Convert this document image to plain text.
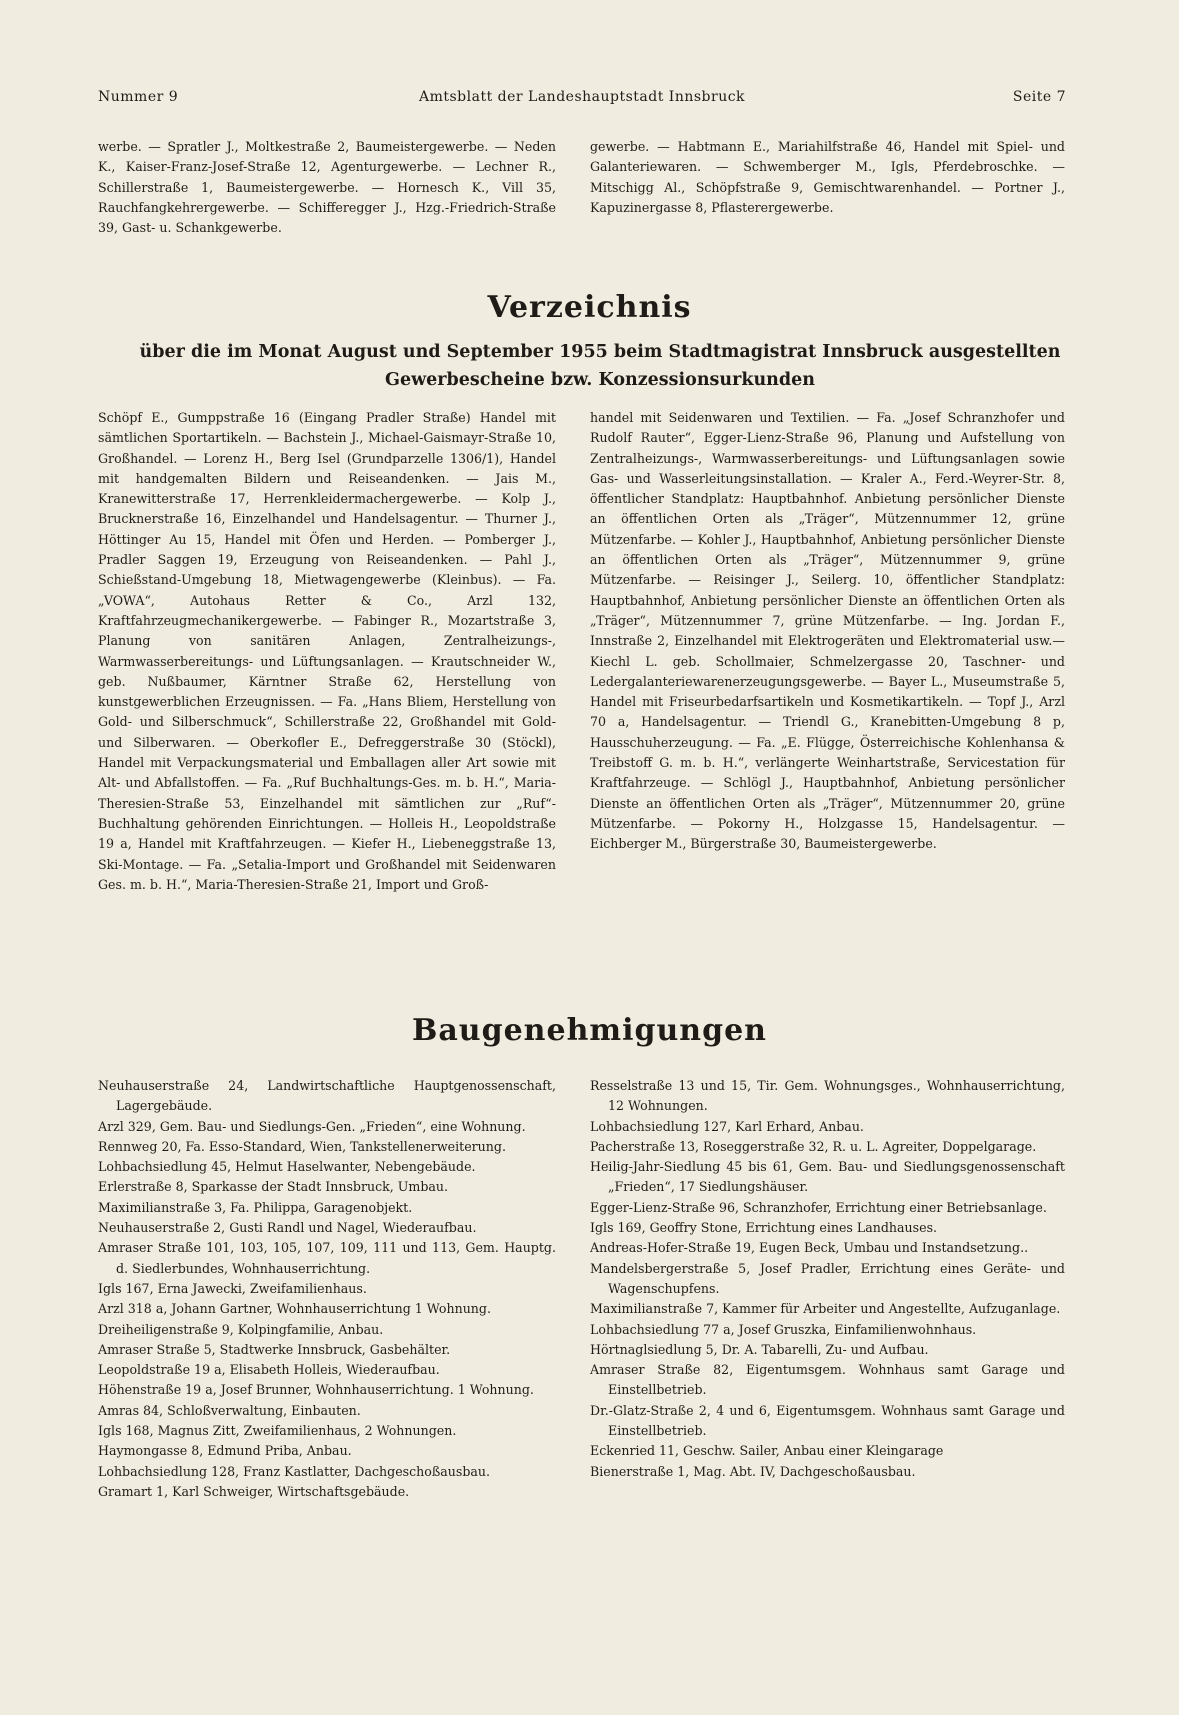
Nummer 9	Amtsblatt der Landeshauptstadt Innsbruck	Seite 7

werbe. — Spratler J., Moltkestraße 2, Baumeistergewerbe. — Neden K., Kaiser-Franz-Josef-Straße 12, Agenturgewerbe. — Lechner R., Schillerstraße 1, Baumeistergewerbe. — Hornesch K., Vill 35, Rauchfangkehrergewerbe. — Schifferegger J., Hzg.-Friedrich-Straße 39, Gast- u. Schankgewerbe.

gewerbe. — Habtmann E., Mariahilfstraße 46, Handel mit Spiel- und Galanteriewaren. — Schwemberger M., Igls, Pferdebroschke. — Mitschigg Al., Schöpfstraße 9, Gemischtwarenhandel. — Portner J., Kapuzinergasse 8, Pflasterergewerbe.

Verzeichnis
über die im Monat August und September 1955 beim Stadtmagistrat Innsbruck ausgestellten Gewerbescheine bzw. Konzessionsurkunden

Schöpf E., Gumppstraße 16 (Eingang Pradler Straße) Handel mit sämtlichen Sportartikeln. — Bachstein J., Michael-Gaismayr-Straße 10, Großhandel. — Lorenz H., Berg Isel (Grundparzelle 1306/1), Handel mit handgemalten Bildern und Reiseandenken. — Jais M., Kranewitterstraße 17, Herrenkleidermachergewerbe. — Kolp J., Brucknerstraße 16, Einzelhandel und Handelsagentur. — Thurner J., Höttinger Au 15, Handel mit Öfen und Herden. — Pomberger J., Pradler Saggen 19, Erzeugung von Reiseandenken. — Pahl J., Schießstand-Umgebung 18, Mietwagengewerbe (Kleinbus). — Fa. „VOWA“, Autohaus Retter & Co., Arzl 132, Kraftfahrzeugmechanikergewerbe. — Fabinger R., Mozartstraße 3, Planung von sanitären Anlagen, Zentralheizungs-, Warmwasserbereitungs- und Lüftungsanlagen. — Krautschneider W., geb. Nußbaumer, Kärntner Straße 62, Herstellung von kunstgewerblichen Erzeugnissen. — Fa. „Hans Bliem, Herstellung von Gold- und Silberschmuck“, Schillerstraße 22, Großhandel mit Gold- und Silberwaren. — Oberkofler E., Defreggerstraße 30 (Stöckl), Handel mit Verpackungsmaterial und Emballagen aller Art sowie mit Alt- und Abfallstoffen. — Fa. „Ruf Buchhaltungs-Ges. m. b. H.“, Maria-Theresien-Straße 53, Einzelhandel mit sämtlichen zur „Ruf“-Buchhaltung gehörenden Einrichtungen. — Holleis H., Leopoldstraße 19 a, Handel mit Kraftfahrzeugen. — Kiefer H., Liebeneggstraße 13, Ski-Montage. — Fa. „Setalia-Import und Großhandel mit Seidenwaren Ges. m. b. H.“, Maria-Theresien-Straße 21, Import und Groß-

handel mit Seidenwaren und Textilien. — Fa. „Josef Schranzhofer und Rudolf Rauter“, Egger-Lienz-Straße 96, Planung und Aufstellung von Zentralheizungs-, Warmwasserbereitungs- und Lüftungsanlagen sowie Gas- und Wasserleitungsinstallation. — Kraler A., Ferd.-Weyrer-Str. 8, öffentlicher Standplatz: Hauptbahnhof. Anbietung persönlicher Dienste an öffentlichen Orten als „Träger“, Mützennummer 12, grüne Mützenfarbe. — Kohler J., Hauptbahnhof, Anbietung persönlicher Dienste an öffentlichen Orten als „Träger“, Mützennummer 9, grüne Mützenfarbe. — Reisinger J., Seilerg. 10, öffentlicher Standplatz: Hauptbahnhof, Anbietung persönlicher Dienste an öffentlichen Orten als „Träger“, Mützennummer 7, grüne Mützenfarbe. — Ing. Jordan F., Innstraße 2, Einzelhandel mit Elektrogeräten und Elektromaterial usw.— Kiechl L. geb. Schollmaier, Schmelzergasse 20, Taschner- und Ledergalanteriewarenerzeugungsgewerbe. — Bayer L., Museumstraße 5, Handel mit Friseurbedarfsartikeln und Kosmetikartikeln. — Topf J., Arzl 70 a, Handelsagentur. — Triendl G., Kranebitten-Umgebung 8 p, Hausschuherzeugung. — Fa. „E. Flügge, Österreichische Kohlenhansa & Treibstoff G. m. b. H.“, verlängerte Weinhartstraße, Servicestation für Kraftfahrzeuge. — Schlögl J., Hauptbahnhof, Anbietung persönlicher Dienste an öffentlichen Orten als „Träger“, Mützennummer 20, grüne Mützenfarbe. — Pokorny H., Holzgasse 15, Handelsagentur. — Eichberger M., Bürgerstraße 30, Baumeistergewerbe.

Baugenehmigungen

Neuhauserstraße 24, Landwirtschaftliche Hauptgenossenschaft, Lagergebäude.

Arzl 329, Gem. Bau- und Siedlungs-Gen. „Frieden“, eine Wohnung.

Rennweg 20, Fa. Esso-Standard, Wien, Tankstellenerweiterung.

Lohbachsiedlung 45, Helmut Haselwanter, Nebengebäude.

Erlerstraße 8, Sparkasse der Stadt Innsbruck, Umbau.

Maximilianstraße 3, Fa. Philippa, Garagenobjekt.

Neuhauserstraße 2, Gusti Randl und Nagel, Wiederaufbau.

Amraser Straße 101, 103, 105, 107, 109, 111 und 113, Gem. Hauptg. d. Siedlerbundes, Wohnhauserrichtung.

Igls 167, Erna Jawecki, Zweifamilienhaus.

Arzl 318 a, Johann Gartner, Wohnhauserrichtung 1 Wohnung.

Dreiheiligenstraße 9, Kolpingfamilie, Anbau.

Amraser Straße 5, Stadtwerke Innsbruck, Gasbehälter.

Leopoldstraße 19 a, Elisabeth Holleis, Wiederaufbau.

Höhenstraße 19 a, Josef Brunner, Wohnhauserrichtung. 1 Wohnung.

Amras 84, Schloßverwaltung, Einbauten.

Igls 168, Magnus Zitt, Zweifamilienhaus, 2 Wohnungen.

Haymongasse 8, Edmund Priba, Anbau.

Lohbachsiedlung 128, Franz Kastlatter, Dachgeschoßausbau.

Gramart 1, Karl Schweiger, Wirtschaftsgebäude.

Resselstraße 13 und 15, Tir. Gem. Wohnungsges., Wohnhauserrichtung, 12 Wohnungen.

Lohbachsiedlung 127, Karl Erhard, Anbau.

Pacherstraße 13, Roseggerstraße 32, R. u. L. Agreiter, Doppelgarage.

Heilig-Jahr-Siedlung 45 bis 61, Gem. Bau- und Siedlungsgenossenschaft „Frieden“, 17 Siedlungshäuser.

Egger-Lienz-Straße 96, Schranzhofer, Errichtung einer Betriebsanlage.

Igls 169, Geoffry Stone, Errichtung eines Landhauses.

Andreas-Hofer-Straße 19, Eugen Beck, Umbau und Instandsetzung..

Mandelsbergerstraße 5, Josef Pradler, Errichtung eines Geräte- und Wagenschupfens.

Maximilianstraße 7, Kammer für Arbeiter und Angestellte, Aufzuganlage.

Lohbachsiedlung 77 a, Josef Gruszka, Einfamilienwohnhaus.

Hörtnaglsiedlung 5, Dr. A. Tabarelli, Zu- und Aufbau.

Amraser Straße 82, Eigentumsgem. Wohnhaus samt Garage und Einstellbetrieb.

Dr.-Glatz-Straße 2, 4 und 6, Eigentumsgem. Wohnhaus samt Garage und Einstellbetrieb.

Eckenried 11, Geschw. Sailer, Anbau einer Kleingarage

Bienerstraße 1, Mag. Abt. IV, Dachgeschoßausbau.
